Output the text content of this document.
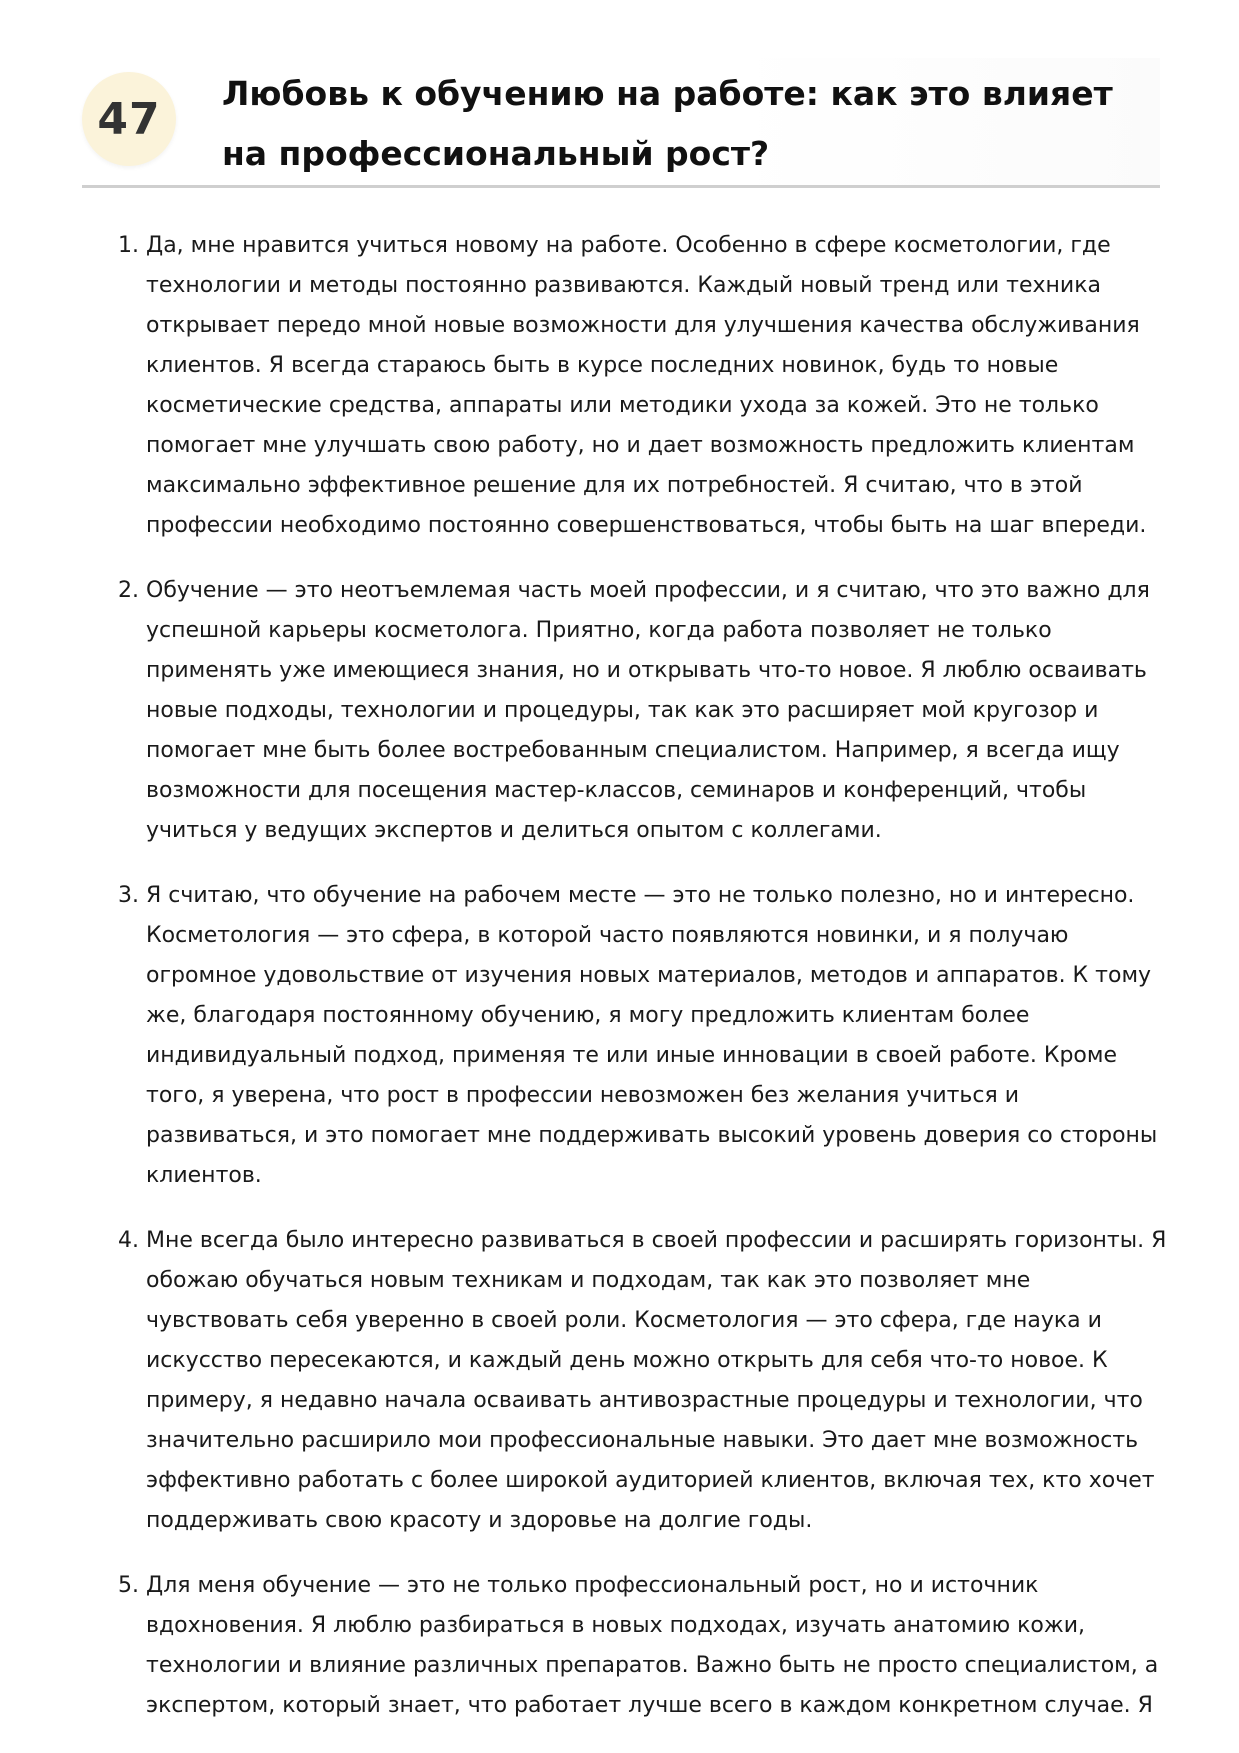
47	Любовь к обучению на работе: как это влияет на профессиональный рост?
1. Да, мне нравится учиться новому на работе. Особенно в сфере косметологии, где технологии и методы постоянно развиваются. Каждый новый тренд или техника открывает передо мной новые возможности для улучшения качества обслуживания клиентов. Я всегда стараюсь быть в курсе последних новинок, будь то новые косметические средства, аппараты или методики ухода за кожей. Это не только помогает мне улучшать свою работу, но и дает возможность предложить клиентам максимально эффективное решение для их потребностей. Я считаю, что в этой профессии необходимо постоянно совершенствоваться, чтобы быть на шаг впереди.
2. Обучение — это неотъемлемая часть моей профессии, и я считаю, что это важно для успешной карьеры косметолога. Приятно, когда работа позволяет не только применять уже имеющиеся знания, но и открывать что-то новое. Я люблю осваивать новые подходы, технологии и процедуры, так как это расширяет мой кругозор и помогает мне быть более востребованным специалистом. Например, я всегда ищу возможности для посещения мастер-классов, семинаров и конференций, чтобы учиться у ведущих экспертов и делиться опытом с коллегами.
3. Я считаю, что обучение на рабочем месте — это не только полезно, но и интересно. Косметология — это сфера, в которой часто появляются новинки, и я получаю огромное удовольствие от изучения новых материалов, методов и аппаратов. К тому же, благодаря постоянному обучению, я могу предложить клиентам более индивидуальный подход, применяя те или иные инновации в своей работе. Кроме того, я уверена, что рост в профессии невозможен без желания учиться и развиваться, и это помогает мне поддерживать высокий уровень доверия со стороны клиентов.
4. Мне всегда было интересно развиваться в своей профессии и расширять горизонты. Я обожаю обучаться новым техникам и подходам, так как это позволяет мне чувствовать себя уверенно в своей роли. Косметология — это сфера, где наука и искусство пересекаются, и каждый день можно открыть для себя что-то новое. К примеру, я недавно начала осваивать антивозрастные процедуры и технологии, что значительно расширило мои профессиональные навыки. Это дает мне возможность эффективно работать с более широкой аудиторией клиентов, включая тех, кто хочет поддерживать свою красоту и здоровье на долгие годы.
5. Для меня обучение — это не только профессиональный рост, но и источник вдохновения. Я люблю разбираться в новых подходах, изучать анатомию кожи, технологии и влияние различных препаратов. Важно быть не просто специалистом, а экспертом, который знает, что работает лучше всего в каждом конкретном случае. Я
